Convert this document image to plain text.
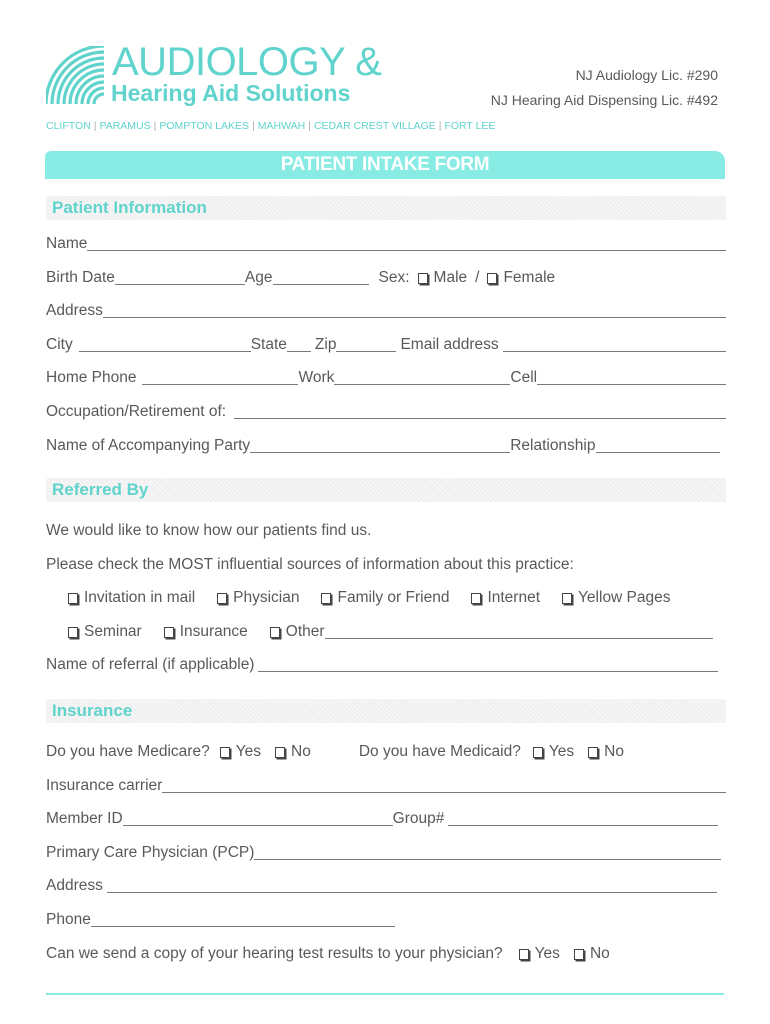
AUDIOLOGY &
Hearing Aid Solutions
NJ Audiology Lic. #290
NJ Hearing Aid Dispensing Lic. #492
CLIFTON | PARAMUS | POMPTON LAKES | MAHWAH | CEDAR CREST VILLAGE | FORT LEE
PATIENT INTAKE FORM
Patient Information
Name
Birth Date	Age	Sex: Male / Female
Address
City	State Zip	Email address
Home Phone	Work	Cell
Occupation/Retirement of:
Name of Accompanying Party	Relationship
Referred By
We would like to know how our patients find us.
Please check the MOST influential sources of information about this practice:
Invitation in mail Physician Family or Friend Internet Yellow Pages
Seminar Insurance Other
Name of referral (if applicable)
Insurance
Do you have Medicare? Yes No	Do you have Medicaid? Yes No
Insurance carrier
Member ID	Group#
Primary Care Physician (PCP)
Address
Phone
Can we send a copy of your hearing test results to your physician? Yes No
